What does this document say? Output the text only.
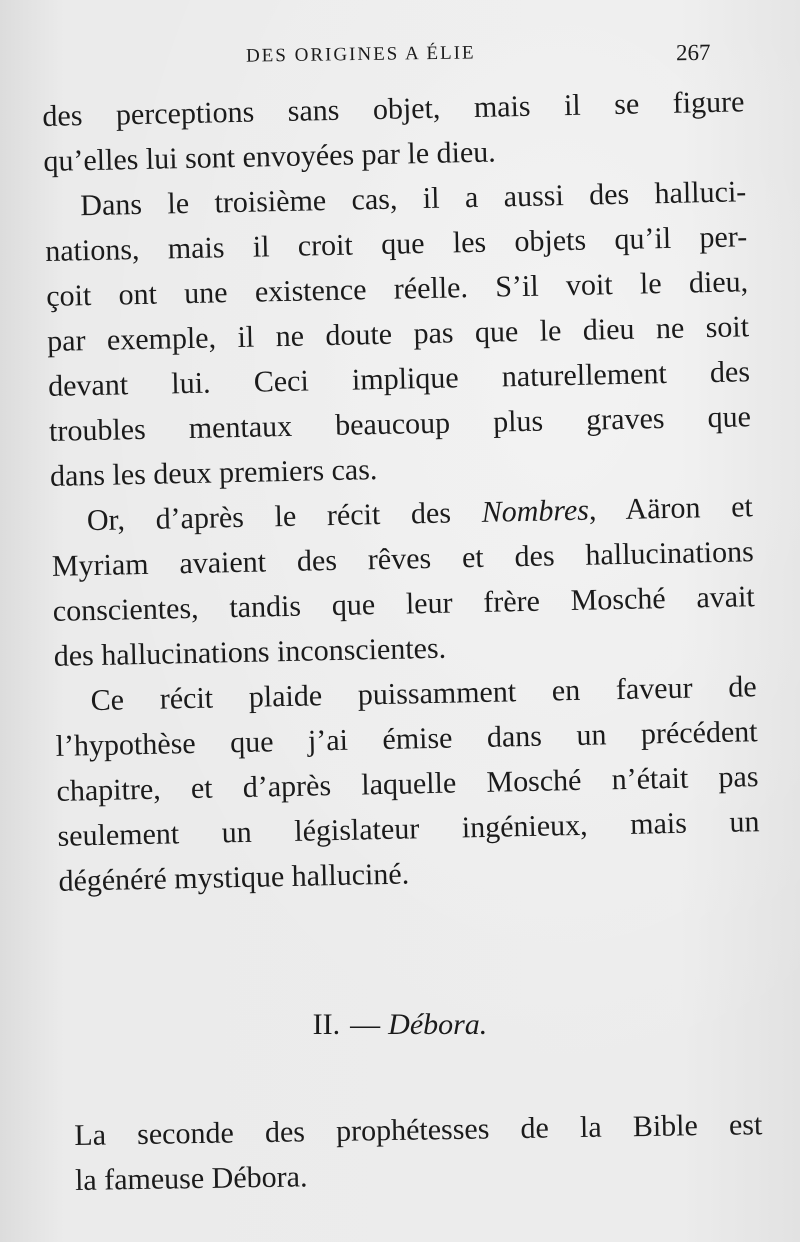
DES ORIGINES A ÉLIE	267
des perceptions sans objet, mais il se figure
qu’elles lui sont envoyées par le dieu.
Dans le troisième cas, il a aussi des halluci-
nations, mais il croit que les objets qu’il per-
çoit ont une existence réelle. S’il voit le dieu,
par exemple, il ne doute pas que le dieu ne soit
devant lui. Ceci implique naturellement des
troubles mentaux beaucoup plus graves que
dans les deux premiers cas.
Or, d’après le récit des Nombres, Aäron et
Myriam avaient des rêves et des hallucinations
conscientes, tandis que leur frère Mosché avait
des hallucinations inconscientes.
Ce récit plaide puissamment en faveur de
l’hypothèse que j’ai émise dans un précédent
chapitre, et d’après laquelle Mosché n’était pas
seulement un législateur ingénieux, mais un
dégénéré mystique halluciné.
II. — Débora.
La seconde des prophétesses de la Bible est
la fameuse Débora.
